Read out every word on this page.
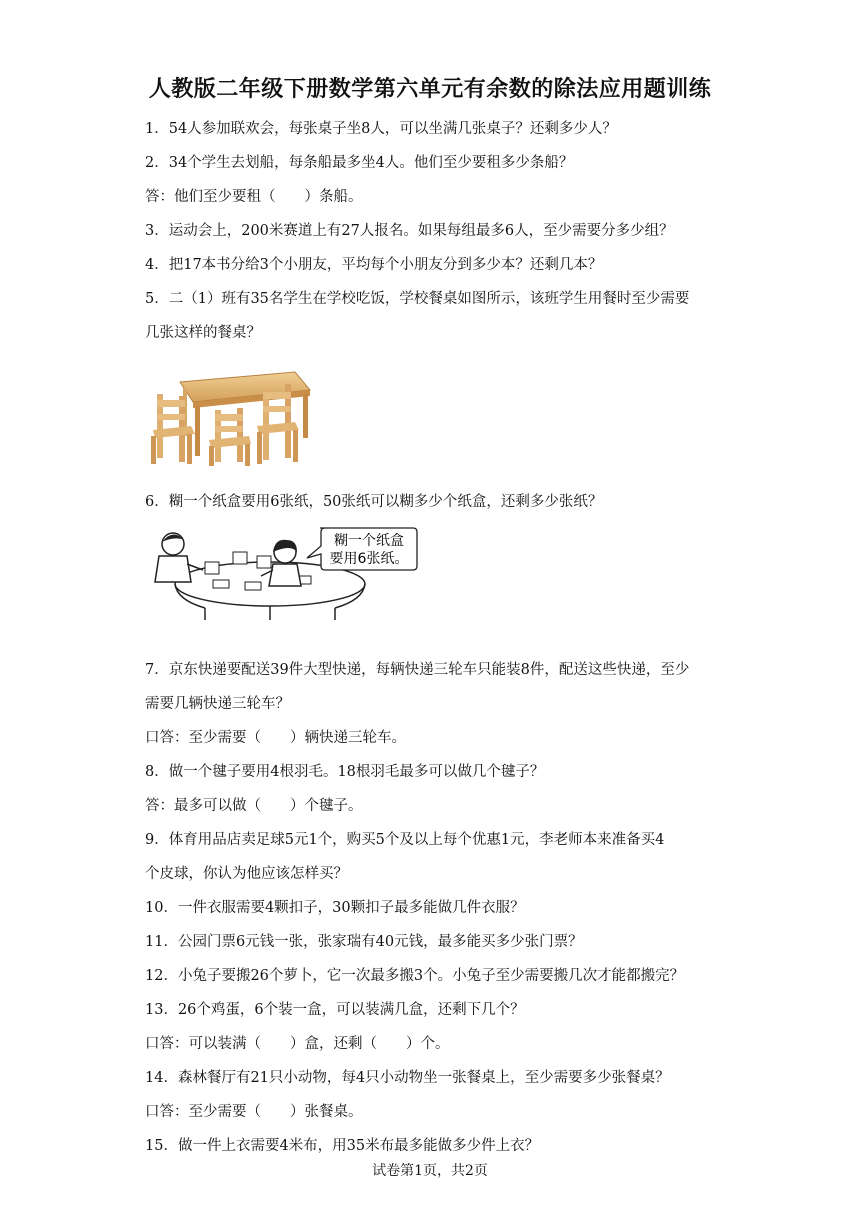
人教版二年级下册数学第六单元有余数的除法应用题训练
1．54人参加联欢会，每张桌子坐8人，可以坐满几张桌子？还剩多少人？
2．34个学生去划船，每条船最多坐4人。他们至少要租多少条船？
答：他们至少要租（　　）条船。
3．运动会上，200米赛道上有27人报名。如果每组最多6人，至少需要分多少组？
4．把17本书分给3个小朋友，平均每个小朋友分到多少本？还剩几本？
5．二（1）班有35名学生在学校吃饭，学校餐桌如图所示，该班学生用餐时至少需要
几张这样的餐桌？
6．糊一个纸盒要用6张纸，50张纸可以糊多少个纸盒，还剩多少张纸？
糊一个纸盒
要用6张纸。
7．京东快递要配送39件大型快递，每辆快递三轮车只能装8件，配送这些快递，至少
需要几辆快递三轮车？
口答：至少需要（　　）辆快递三轮车。
8．做一个毽子要用4根羽毛。18根羽毛最多可以做几个毽子？
答：最多可以做（　　）个毽子。
9．体育用品店卖足球5元1个，购买5个及以上每个优惠1元，李老师本来准备买4
个皮球，你认为他应该怎样买？
10．一件衣服需要4颗扣子，30颗扣子最多能做几件衣服？
11．公园门票6元钱一张，张家瑞有40元钱，最多能买多少张门票？
12．小兔子要搬26个萝卜，它一次最多搬3个。小兔子至少需要搬几次才能都搬完？
13．26个鸡蛋，6个装一盒，可以装满几盒，还剩下几个？
口答：可以装满（　　）盒，还剩（　　）个。
14．森林餐厅有21只小动物，每4只小动物坐一张餐桌上，至少需要多少张餐桌？
口答：至少需要（　　）张餐桌。
15．做一件上衣需要4米布，用35米布最多能做多少件上衣？
试卷第1页，共2页
